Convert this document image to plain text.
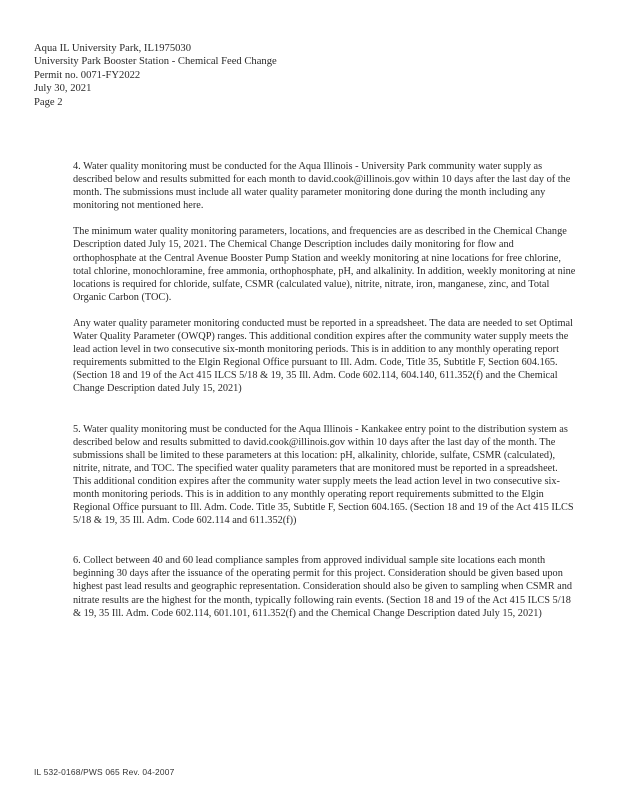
Aqua IL University Park, IL1975030
University Park Booster Station - Chemical Feed Change
Permit no. 0071-FY2022
July 30, 2021
Page 2

4. Water quality monitoring must be conducted for the Aqua Illinois - University Park community water supply as described below and results submitted for each month to david.cook@illinois.gov within 10 days after the last day of the month. The submissions must include all water quality parameter monitoring done during the month including any monitoring not mentioned here.

The minimum water quality monitoring parameters, locations, and frequencies are as described in the Chemical Change Description dated July 15, 2021. The Chemical Change Description includes daily monitoring for flow and orthophosphate at the Central Avenue Booster Pump Station and weekly monitoring at nine locations for free chlorine, total chlorine, monochloramine, free ammonia, orthophosphate, pH, and alkalinity. In addition, weekly monitoring at nine locations is required for chloride, sulfate, CSMR (calculated value), nitrite, nitrate, iron, manganese, zinc, and Total Organic Carbon (TOC).

Any water quality parameter monitoring conducted must be reported in a spreadsheet. The data are needed to set Optimal Water Quality Parameter (OWQP) ranges. This additional condition expires after the community water supply meets the lead action level in two consecutive six-month monitoring periods. This is in addition to any monthly operating report requirements submitted to the Elgin Regional Office pursuant to Ill. Adm. Code, Title 35, Subtitle F, Section 604.165. (Section 18 and 19 of the Act 415 ILCS 5/18 & 19, 35 Ill. Adm. Code 602.114, 604.140, 611.352(f) and the Chemical Change Description dated July 15, 2021)

5. Water quality monitoring must be conducted for the Aqua Illinois - Kankakee entry point to the distribution system as described below and results submitted to david.cook@illinois.gov within 10 days after the last day of the month. The submissions shall be limited to these parameters at this location: pH, alkalinity, chloride, sulfate, CSMR (calculated), nitrite, nitrate, and TOC. The specified water quality parameters that are monitored must be reported in a spreadsheet. This additional condition expires after the community water supply meets the lead action level in two consecutive six-month monitoring periods. This is in addition to any monthly operating report requirements submitted to the Elgin Regional Office pursuant to Ill. Adm. Code. Title 35, Subtitle F, Section 604.165. (Section 18 and 19 of the Act 415 ILCS 5/18 & 19, 35 Ill. Adm. Code 602.114 and 611.352(f))

6. Collect between 40 and 60 lead compliance samples from approved individual sample site locations each month beginning 30 days after the issuance of the operating permit for this project. Consideration should be given based upon highest past lead results and geographic representation. Consideration should also be given to sampling when CSMR and nitrate results are the highest for the month, typically following rain events. (Section 18 and 19 of the Act 415 ILCS 5/18 & 19, 35 Ill. Adm. Code 602.114, 601.101, 611.352(f) and the Chemical Change Description dated July 15, 2021)

IL 532-0168/PWS 065 Rev. 04-2007
